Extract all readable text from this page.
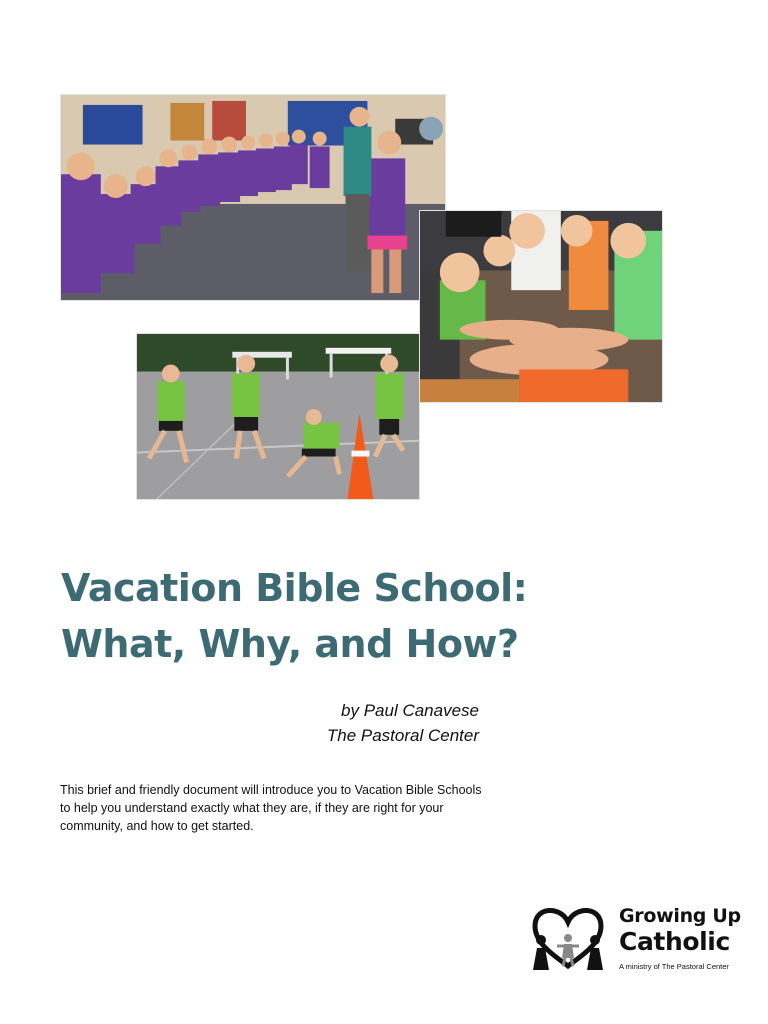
Vacation Bible School:
What, Why, and How?
by Paul Canavese
The Pastoral Center

This brief and friendly document will introduce you to Vacation Bible Schools to help you understand exactly what they are, if they are right for your community, and how to get started.

Growing Up
Catholic
A ministry of The Pastoral Center
